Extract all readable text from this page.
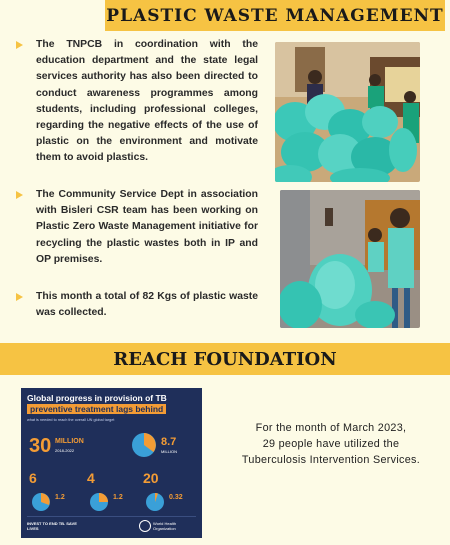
PLASTIC WASTE MANAGEMENT
The TNPCB in coordination with the education department and the state legal services authority has also been directed to conduct awareness programmes among students, including professional colleges, regarding the negative effects of the use of plastic on the environment and motivate them to avoid plastics.
The Community Service Dept in association with Bisleri CSR team has been working on Plastic Zero Waste Management initiative for recycling the plastic wastes both in IP and OP premises.
This month a total of 82 Kgs of plastic waste was collected.
REACH FOUNDATION
Global progress in provision of TB
preventive treatment lags behind
what is needed to reach the overall UN global target
30 MILLION
2018-2022
8.7
MILLION
6	4	20
1.2	1.2	0.32
INVEST TO END TB. SAVE LIVES
World Health Organization
For the month of March 2023,
29 people have utilized the
Tuberculosis Intervention Services.
